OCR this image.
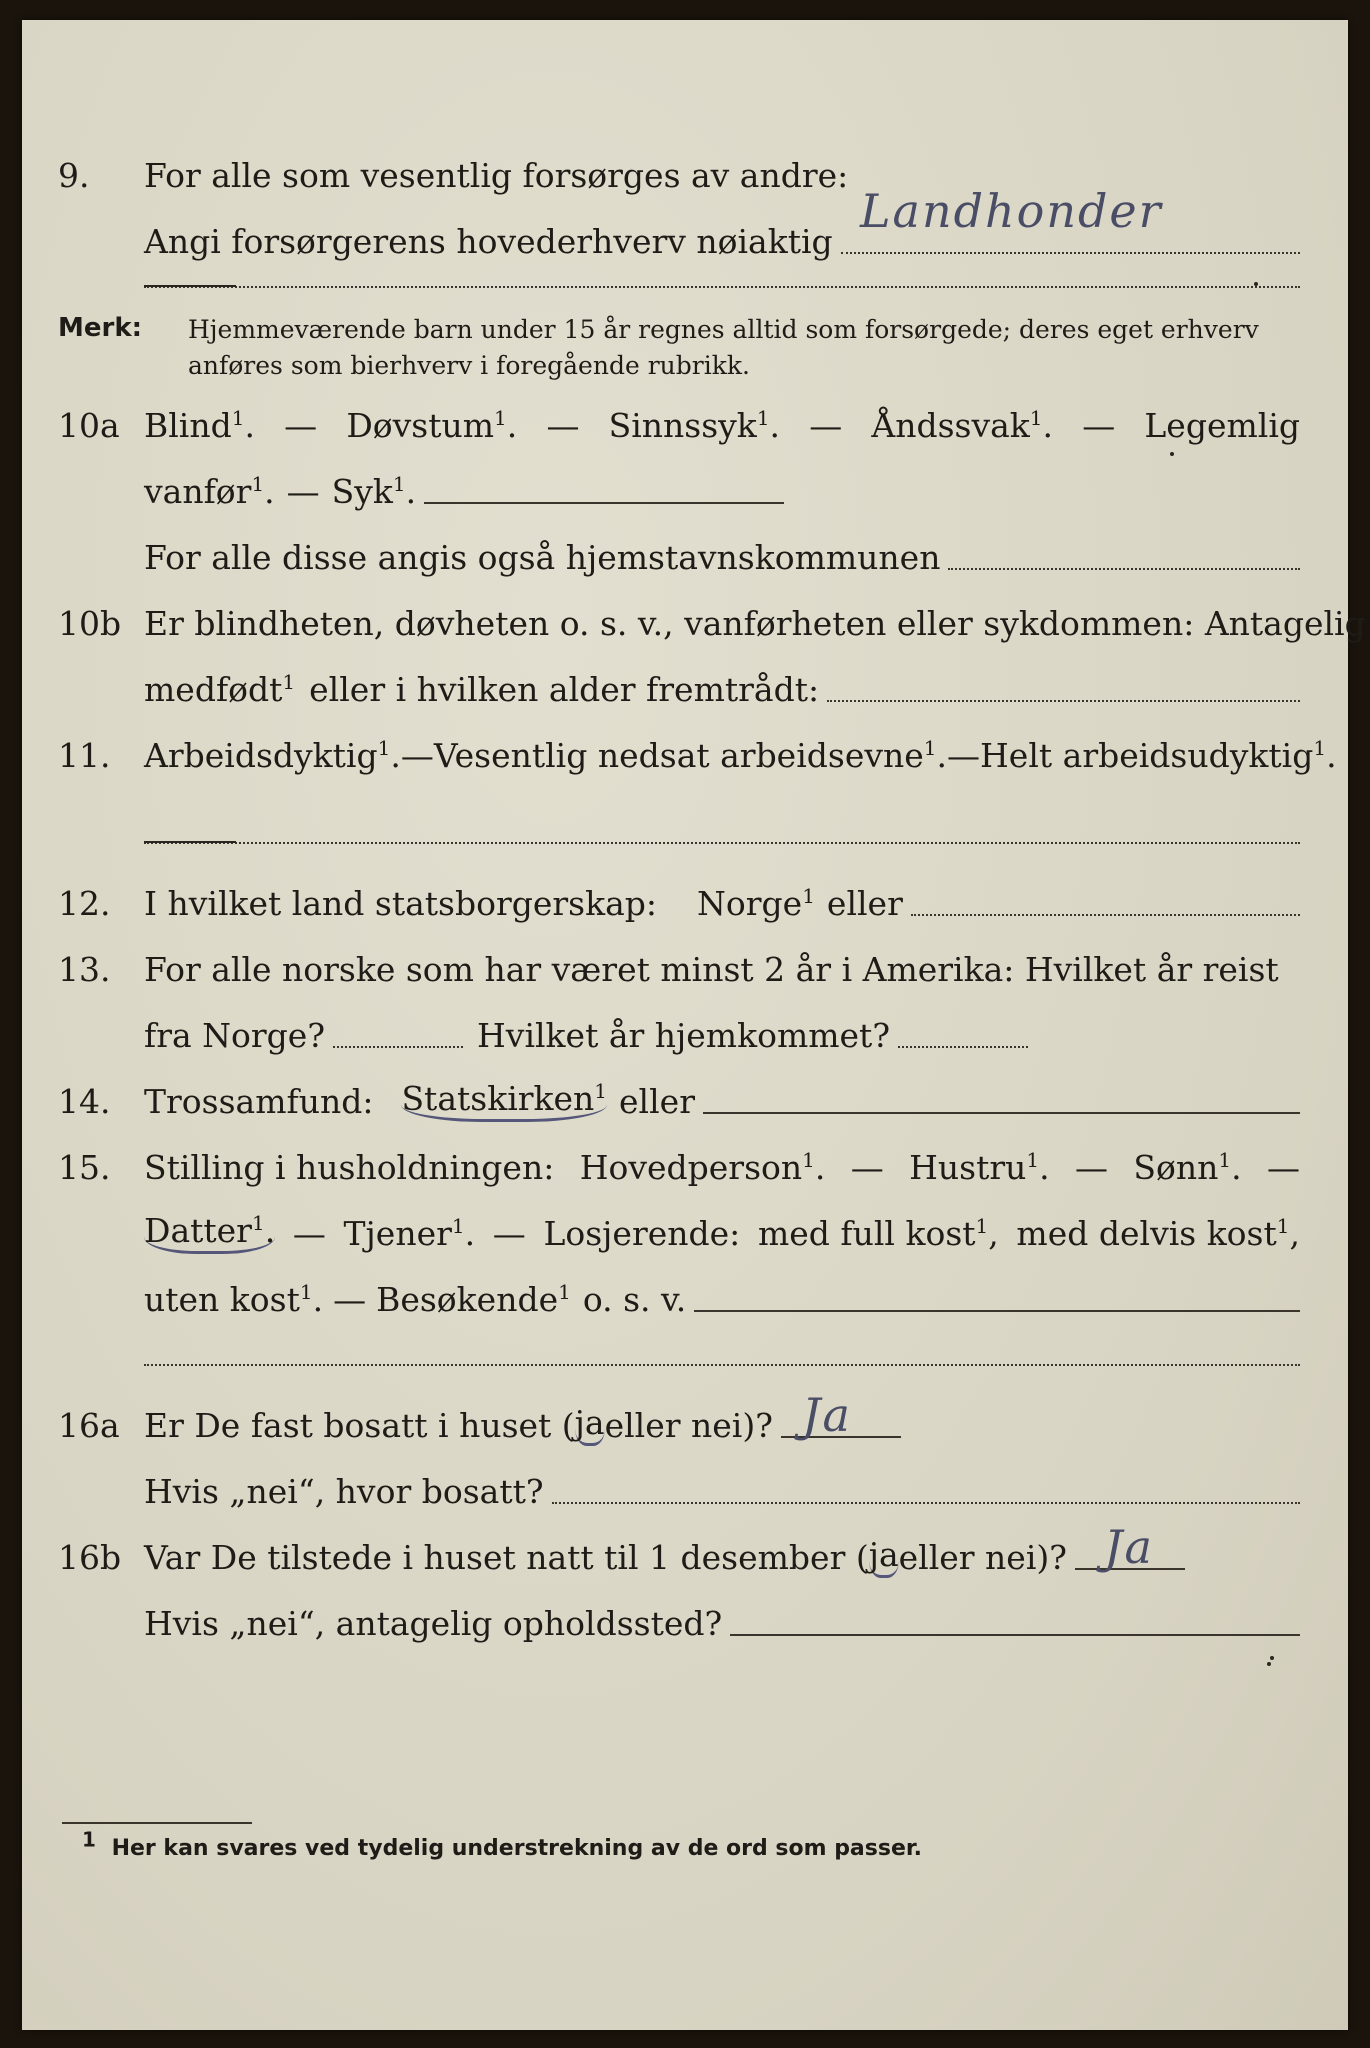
9.	For alle som vesentlig forsørges av andre:
Angi forsørgerens hovederhverv nøiaktig
Landhonder
Merk: Hjemmeværende barn under 15 år regnes alltid som forsørgede; deres eget erhverv
anføres som bierhverv i foregående rubrikk.
10a Blind$^1$. — Døvstum$^1$. — Sinnssyk$^1$. — Åndssvak$^1$. — Legemlig
vanfør$^1$. — Syk$^1$.
For alle disse angis også hjemstavnskommunen
10b Er blindheten, døvheten o. s. v., vanførheten eller sykdommen: Antagelig
medfødt$^1$ eller i hvilken alder fremtrådt:
11.	Arbeidsdyktig$^1$. — Vesentlig nedsat arbeidsevne$^1$. — Helt arbeidsudyktig$^1$.
12.	I hvilket land statsborgerskap: Norge$^1$ eller
13.	For alle norske som har været minst 2 år i Amerika: Hvilket år reist
fra Norge?	Hvilket år hjemkommet?
14.	Trossamfund: Statskirken$^1$ eller
15.	Stilling i husholdningen: Hovedperson$^1$. — Hustru$^1$. — Sønn$^1$. —
Datter$^1$. — Tjener$^1$. — Losjerende: med full kost$^1$, med delvis kost$^1$,
uten kost$^1$. — Besøkende$^1$ o. s. v.
16a Er De fast bosatt i huset ( ja eller nei)? Ja
Hvis „nei“, hvor bosatt?
16b Var De tilstede i huset natt til 1 desember ( ja eller nei)? Ja
Hvis „nei“, antagelig opholdssted?
1 Her kan svares ved tydelig understrekning av de ord som passer.
